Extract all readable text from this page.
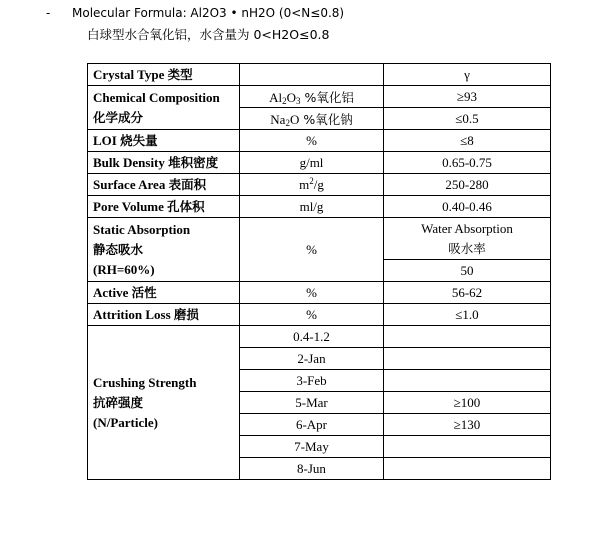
- Molecular Formula: Al2O3 • nH2O (0<N≤0.8)
白球型水合氧化铝，水含量为 0<H2O≤0.8
Crystal Type 类型		γ
Chemical Composition
化学成分	$Al_2O_3$ %氧化铝	≥93
	$Na_2O$ %氧化钠	≤0.5
LOI 烧失量	%	≤8
Bulk Density 堆积密度	g/ml	0.65-0.75
Surface Area 表面积	$m^2/g$	250-280
Pore Volume 孔体积	ml/g	0.40-0.46
Static Absorption
静态吸水
(RH=60%)	%	Water Absorption
吸水率
		50
Active 活性	%	56-62
Attrition Loss 磨损	%	≤1.0
Crushing Strength
抗碎强度
(N/Particle)	0.4-1.2	
	2-Jan	
	3-Feb	
	5-Mar	≥100
	6-Apr	≥130
	7-May	
	8-Jun	
